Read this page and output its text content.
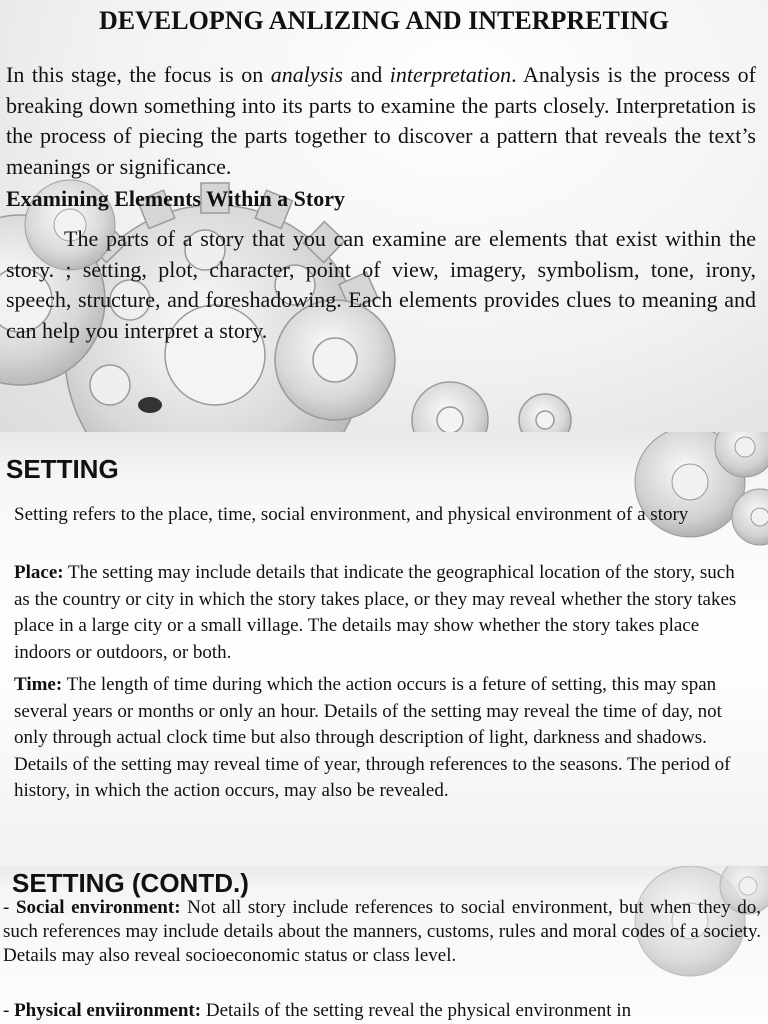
DEVELOPNG ANLIZING AND INTERPRETING

In this stage, the focus is on analysis and interpretation. Analysis is the process of breaking down something into its parts to examine the parts closely. Interpretation is the process of piecing the parts together to discover a pattern that reveals the text’s meanings or significance.

Examining Elements Within a Story

The parts of a story that you can examine are elements that exist within the story. ; setting, plot, character, point of view, imagery, symbolism, tone, irony, speech, structure, and foreshadowing. Each elements provides clues to meaning and can help you interpret a story.

SETTING

Setting refers to the place, time, social environment, and physical environment of a story

Place: The setting may include details that indicate the geographical location of the story, such as the country or city in which the story takes place, or they may reveal whether the story takes place in a large city or a small village. The details may show whether the story takes place indoors or outdoors, or both.

Time: The length of time during which the action occurs is a feture of setting, this may span several years or months or only an hour. Details of the setting may reveal the time of day, not only through actual clock time but also through description of light, darkness and shadows. Details of the setting may reveal time of year, through references to the seasons. The period of history, in which the action occurs, may also be revealed.

SETTING (CONTD.)

- Social environment: Not all story include references to social environment, but when they do, such references may include details about the manners, customs, rules and moral codes of a society. Details may also reveal socioeconomic status or class level.

- Physical enviironment: Details of the setting reveal the physical environment in
